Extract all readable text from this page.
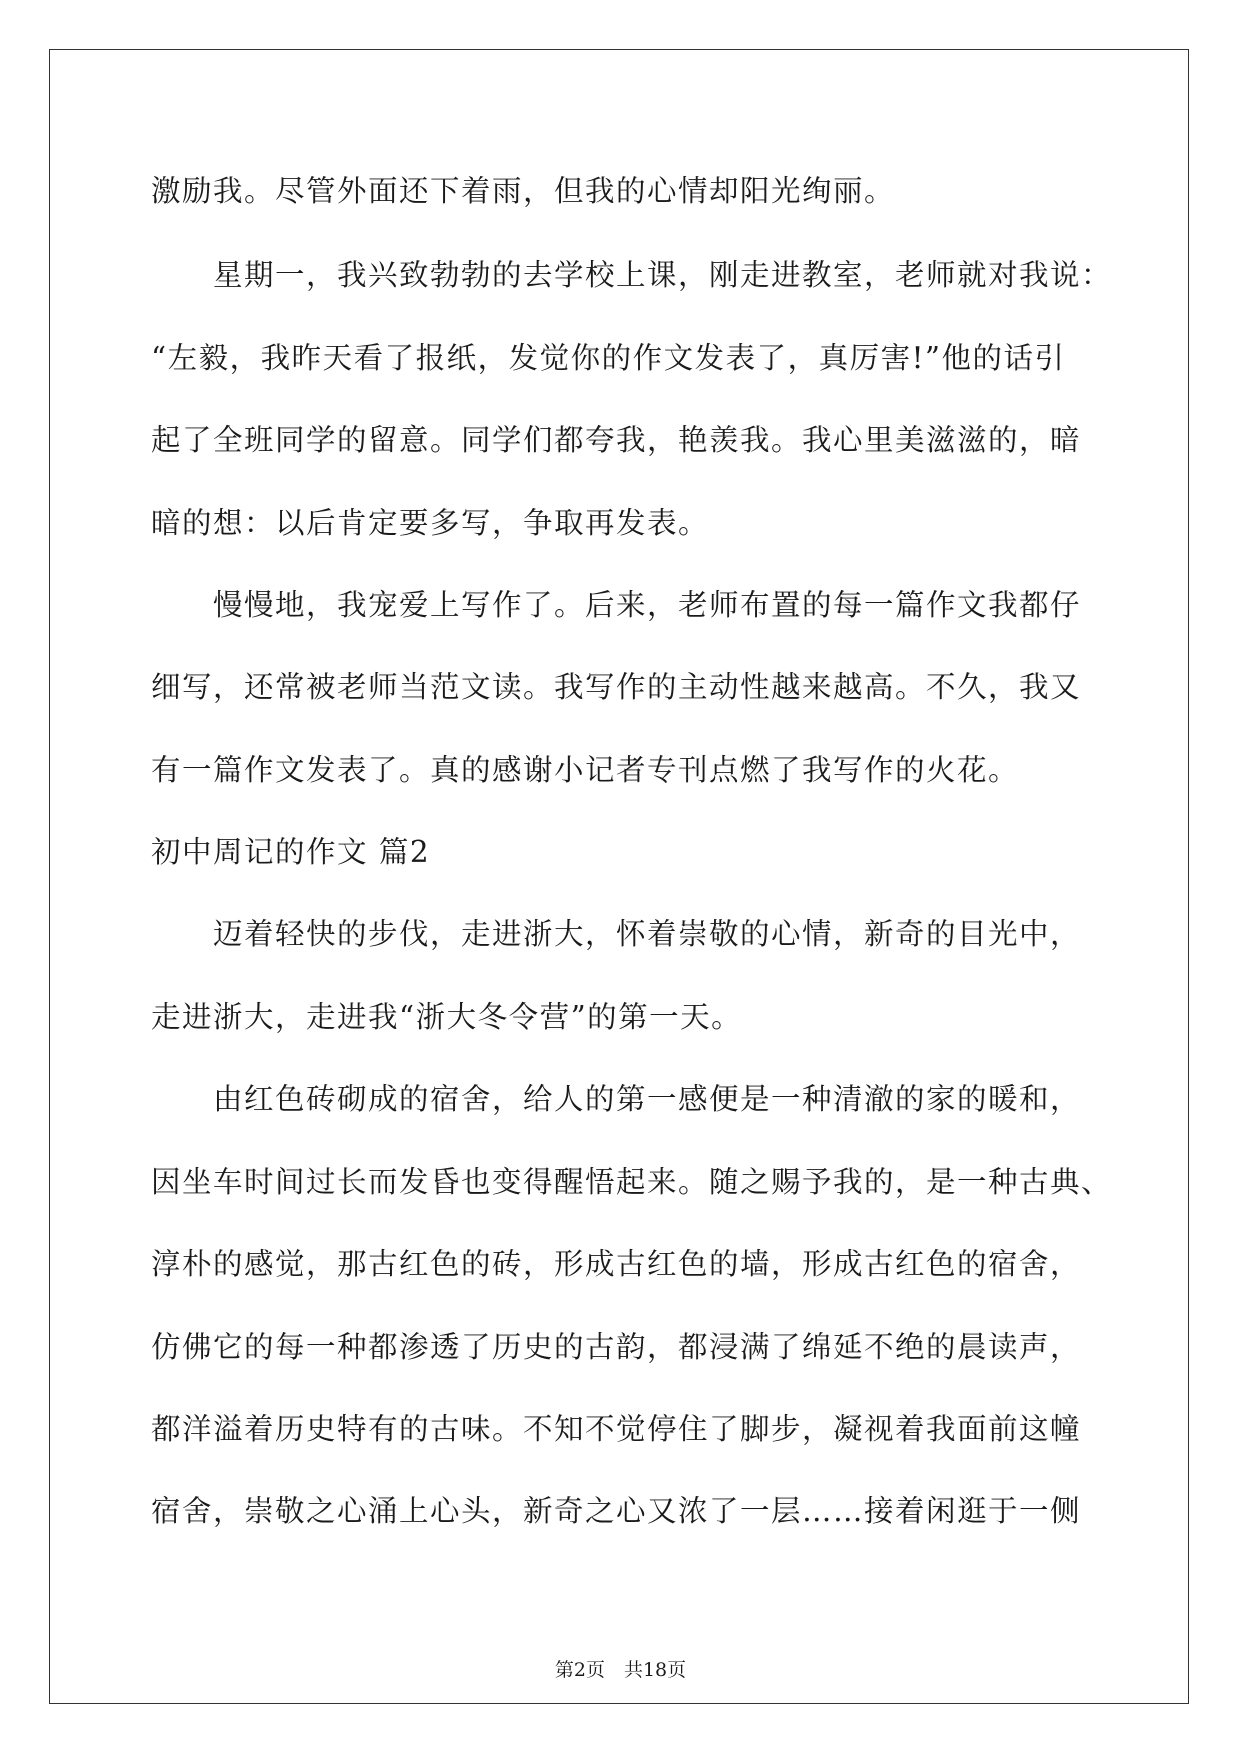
激励我。尽管外面还下着雨，但我的心情却阳光绚丽。
　　星期一，我兴致勃勃的去学校上课，刚走进教室，老师就对我说：
“左毅，我昨天看了报纸，发觉你的作文发表了，真厉害!”他的话引
起了全班同学的留意。同学们都夸我，艳羡我。我心里美滋滋的，暗
暗的想：以后肯定要多写，争取再发表。
　　慢慢地，我宠爱上写作了。后来，老师布置的每一篇作文我都仔
细写，还常被老师当范文读。我写作的主动性越来越高。不久，我又
有一篇作文发表了。真的感谢小记者专刊点燃了我写作的火花。
初中周记的作文 篇2
　　迈着轻快的步伐，走进浙大，怀着崇敬的心情，新奇的目光中，
走进浙大，走进我“浙大冬令营”的第一天。
　　由红色砖砌成的宿舍，给人的第一感便是一种清澈的家的暖和，
因坐车时间过长而发昏也变得醒悟起来。随之赐予我的，是一种古典、
淳朴的感觉，那古红色的砖，形成古红色的墙，形成古红色的宿舍，
仿佛它的每一种都渗透了历史的古韵，都浸满了绵延不绝的晨读声，
都洋溢着历史特有的古味。不知不觉停住了脚步，凝视着我面前这幢
宿舍，崇敬之心涌上心头，新奇之心又浓了一层……接着闲逛于一侧
第2页　共18页
